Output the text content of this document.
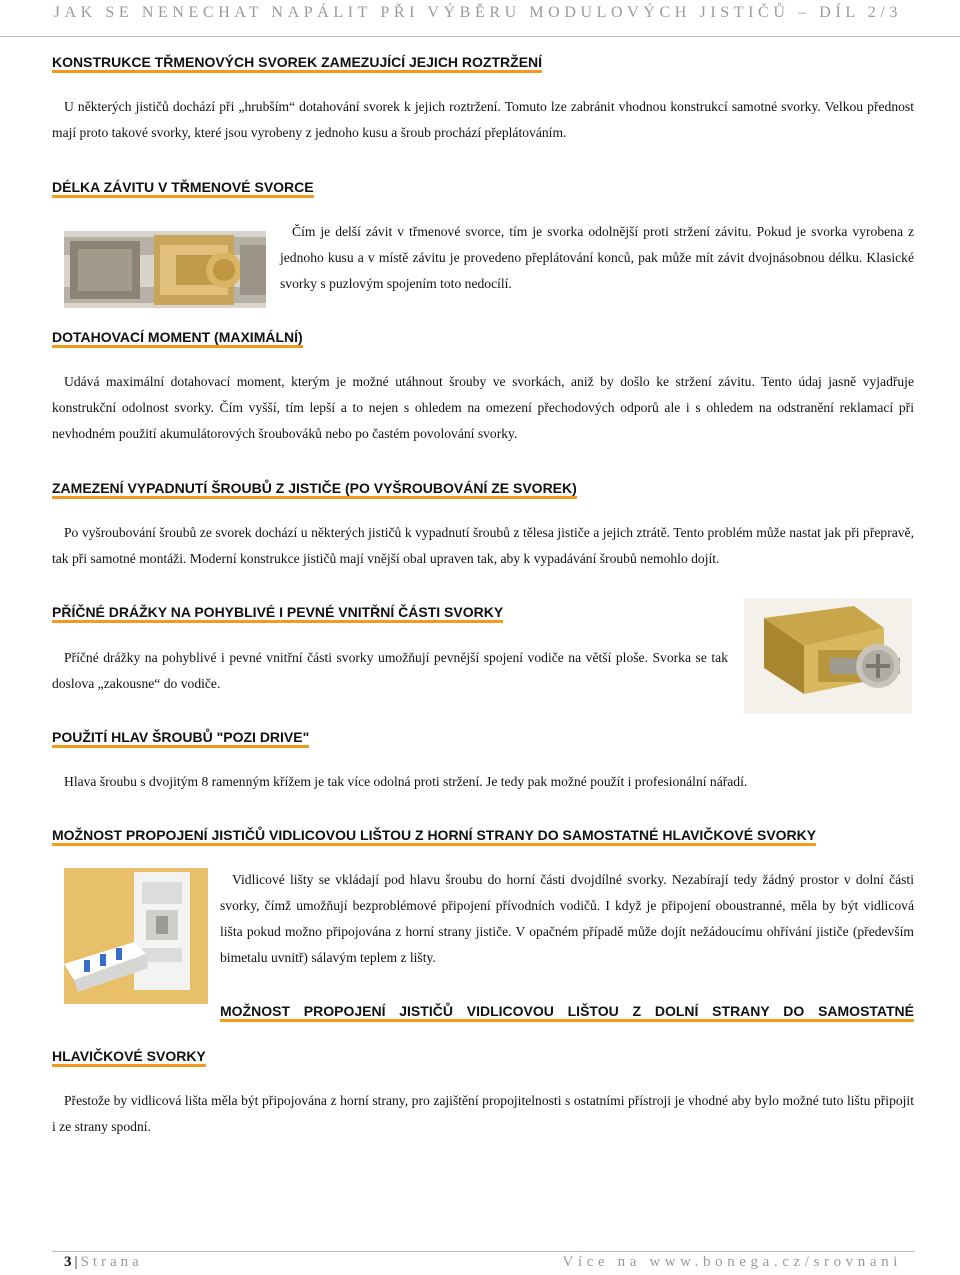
JAK SE NENECHAT NAPÁLIT PŘI VÝBĚRU MODULOVÝCH JISTIČŮ – DÍL 2/3
KONSTRUKCE TŘMENOVÝCH SVOREK ZAMEZUJÍCÍ JEJICH ROZTRŽENÍ

U některých jističů dochází při „hrubším“ dotahování svorek k jejich roztržení. Tomuto lze zabránit vhodnou konstrukcí samotné svorky. Velkou přednost mají proto takové svorky, které jsou vyrobeny z jednoho kusu a šroub prochází přeplátováním.

DÉLKA ZÁVITU V TŘMENOVÉ SVORCE

Čím je delší závit v třmenové svorce, tím je svorka odolnější proti stržení závitu. Pokud je svorka vyrobena z jednoho kusu a v místě závitu je provedeno přeplátování konců, pak může mít závit dvojnásobnou délku. Klasické svorky s puzlovým spojením toto nedocílí.

DOTAHOVACÍ MOMENT (MAXIMÁLNÍ)

Udává maximální dotahovací moment, kterým je možné utáhnout šrouby ve svorkách, aniž by došlo ke stržení závitu. Tento údaj jasně vyjadřuje konstrukční odolnost svorky. Čím vyšší, tím lepší a to nejen s ohledem na omezení přechodových odporů ale i s ohledem na odstranění reklamací při nevhodném použití akumulátorových šroubováků nebo po častém povolování svorky.

ZAMEZENÍ VYPADNUTÍ ŠROUBŮ Z JISTIČE (PO VYŠROUBOVÁNÍ ZE SVOREK)

Po vyšroubování šroubů ze svorek dochází u některých jističů k vypadnutí šroubů z tělesa jističe a jejich ztrátě. Tento problém může nastat jak při přepravě, tak při samotné montáži. Moderní konstrukce jističů mají vnější obal upraven tak, aby k vypadávání šroubů nemohlo dojít.

PŘÍČNÉ DRÁŽKY NA POHYBLIVÉ I PEVNÉ VNITŘNÍ ČÁSTI SVORKY

Příčné drážky na pohyblivé i pevné vnitřní části svorky umožňují pevnější spojení vodiče na větší ploše. Svorka se tak doslova „zakousne“ do vodiče.

POUŽITÍ HLAV ŠROUBŮ "POZI DRIVE"

Hlava šroubu s dvojitým 8 ramenným křížem je tak více odolná proti stržení. Je tedy pak možné použít i profesionální nářadí.

MOŽNOST PROPOJENÍ JISTIČŮ VIDLICOVOU LIŠTOU Z HORNÍ STRANY DO SAMOSTATNÉ HLAVIČKOVÉ SVORKY

Vidlicové lišty se vkládají pod hlavu šroubu do horní části dvojdílné svorky. Nezabírají tedy žádný prostor v dolní části svorky, čímž umožňují bezproblémové připojení přívodních vodičů. I když je připojení oboustranné, měla by být vidlicová lišta pokud možno připojována z horní strany jističe. V opačném případě může dojít nežádoucímu ohřívání jističe (především bimetalu uvnitř) sálavým teplem z lišty.

MOŽNOST PROPOJENÍ JISTIČŮ VIDLICOVOU LIŠTOU Z DOLNÍ STRANY DO SAMOSTATNÉ
HLAVIČKOVÉ SVORKY

Přestože by vidlicová lišta měla být připojována z horní strany, pro zajištění propojitelnosti s ostatními přístroji je vhodné aby bylo možné tuto lištu připojit i ze strany spodní.

3 | Strana	Více na www.bonega.cz/srovnani
